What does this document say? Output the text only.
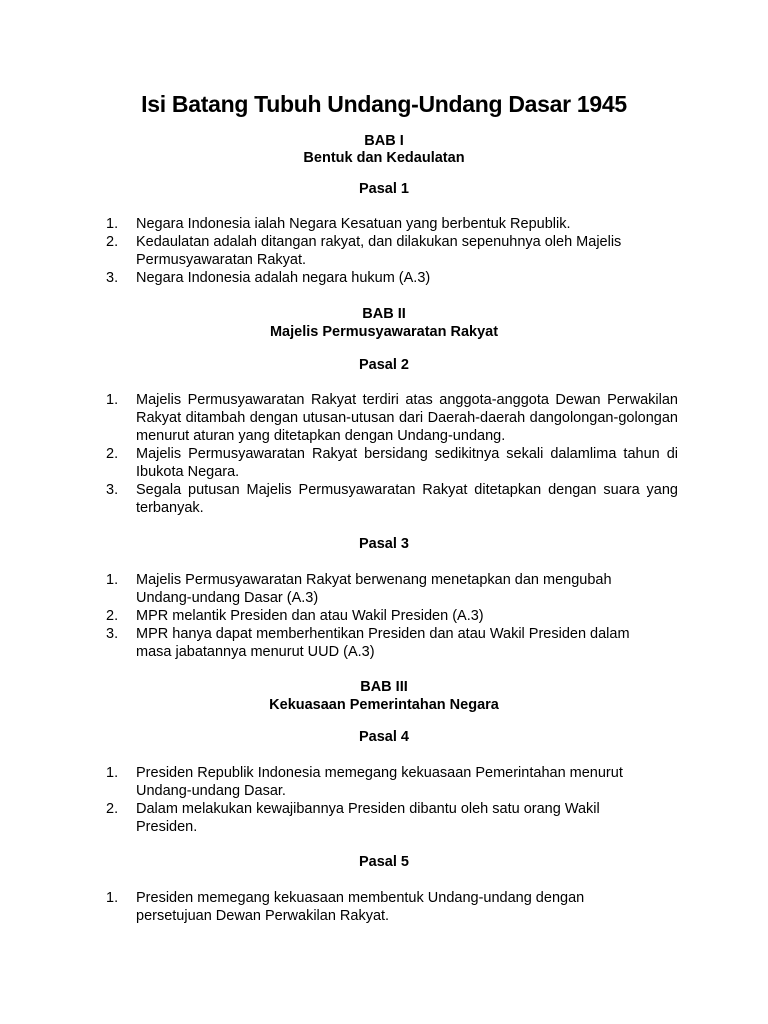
Isi Batang Tubuh Undang-Undang Dasar 1945
BAB I
Bentuk dan Kedaulatan
Pasal 1
1. Negara Indonesia ialah Negara Kesatuan yang berbentuk Republik.
2. Kedaulatan adalah ditangan rakyat, dan dilakukan sepenuhnya oleh Majelis Permusyawaratan Rakyat.
3. Negara Indonesia adalah negara hukum (A.3)
BAB II
Majelis Permusyawaratan Rakyat
Pasal 2
1. Majelis Permusyawaratan Rakyat terdiri atas anggota-anggota Dewan Perwakilan Rakyat ditambah dengan utusan-utusan dari Daerah-daerah dangolongan-golongan menurut aturan yang ditetapkan dengan Undang-undang.
2. Majelis Permusyawaratan Rakyat bersidang sedikitnya sekali dalamlima tahun di Ibukota Negara.
3. Segala putusan Majelis Permusyawaratan Rakyat ditetapkan dengan suara yang terbanyak.
Pasal 3
1. Majelis Permusyawaratan Rakyat berwenang menetapkan dan mengubah Undang-undang Dasar (A.3)
2. MPR melantik Presiden dan atau Wakil Presiden (A.3)
3. MPR hanya dapat memberhentikan Presiden dan atau Wakil Presiden dalam masa jabatannya menurut UUD (A.3)
BAB III
Kekuasaan Pemerintahan Negara
Pasal 4
1. Presiden Republik Indonesia memegang kekuasaan Pemerintahan menurut Undang-undang Dasar.
2. Dalam melakukan kewajibannya Presiden dibantu oleh satu orang Wakil Presiden.
Pasal 5
1. Presiden memegang kekuasaan membentuk Undang-undang dengan persetujuan Dewan Perwakilan Rakyat.
